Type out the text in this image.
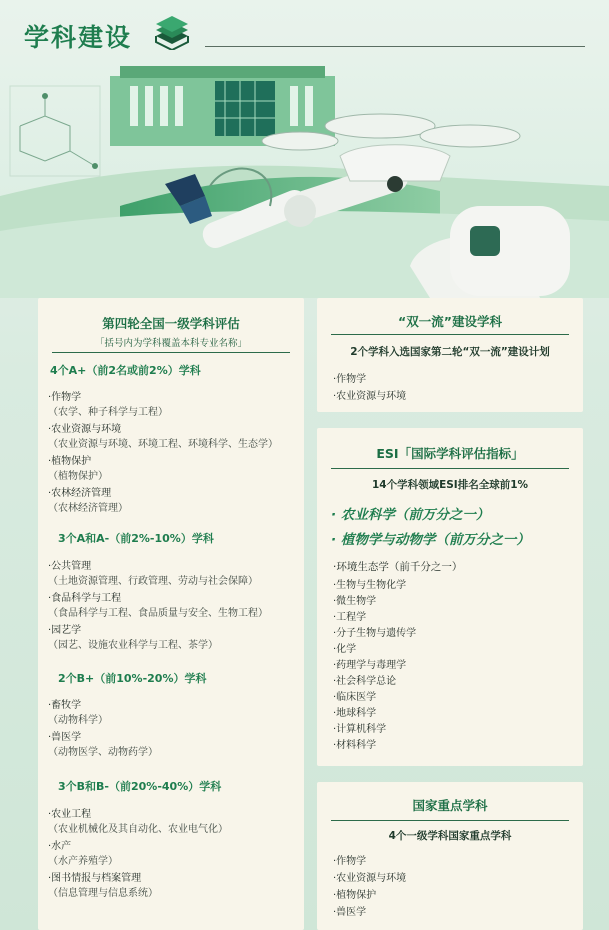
学科建设
第四轮全国一级学科评估
「括号内为学科覆盖本科专业名称」
4个A+（前2名或前2%）学科
·作物学
（农学、种子科学与工程）
·农业资源与环境
（农业资源与环境、环境工程、环境科学、生态学）
·植物保护
（植物保护）
·农林经济管理
（农林经济管理）
3个A和A-（前2%-10%）学科
·公共管理
（土地资源管理、行政管理、劳动与社会保障）
·食品科学与工程
（食品科学与工程、食品质量与安全、生物工程）
·园艺学
（园艺、设施农业科学与工程、茶学）
2个B+（前10%-20%）学科
·畜牧学
（动物科学）
·兽医学
（动物医学、动物药学）
3个B和B-（前20%-40%）学科
·农业工程
（农业机械化及其自动化、农业电气化）
·水产
（水产养殖学）
·图书情报与档案管理
（信息管理与信息系统）
“双一流”建设学科
2个学科入选国家第二轮“双一流”建设计划
·作物学
·农业资源与环境
ESI「国际学科评估指标」
14个学科领域ESI排名全球前1%
· 农业科学（前万分之一）
· 植物学与动物学（前万分之一）
·环境生态学（前千分之一）
·生物与生物化学
·微生物学
·工程学
·分子生物与遗传学
·化学
·药理学与毒理学
·社会科学总论
·临床医学
·地球科学
·计算机科学
·材料科学
国家重点学科
4个一级学科国家重点学科
·作物学
·农业资源与环境
·植物保护
·兽医学
